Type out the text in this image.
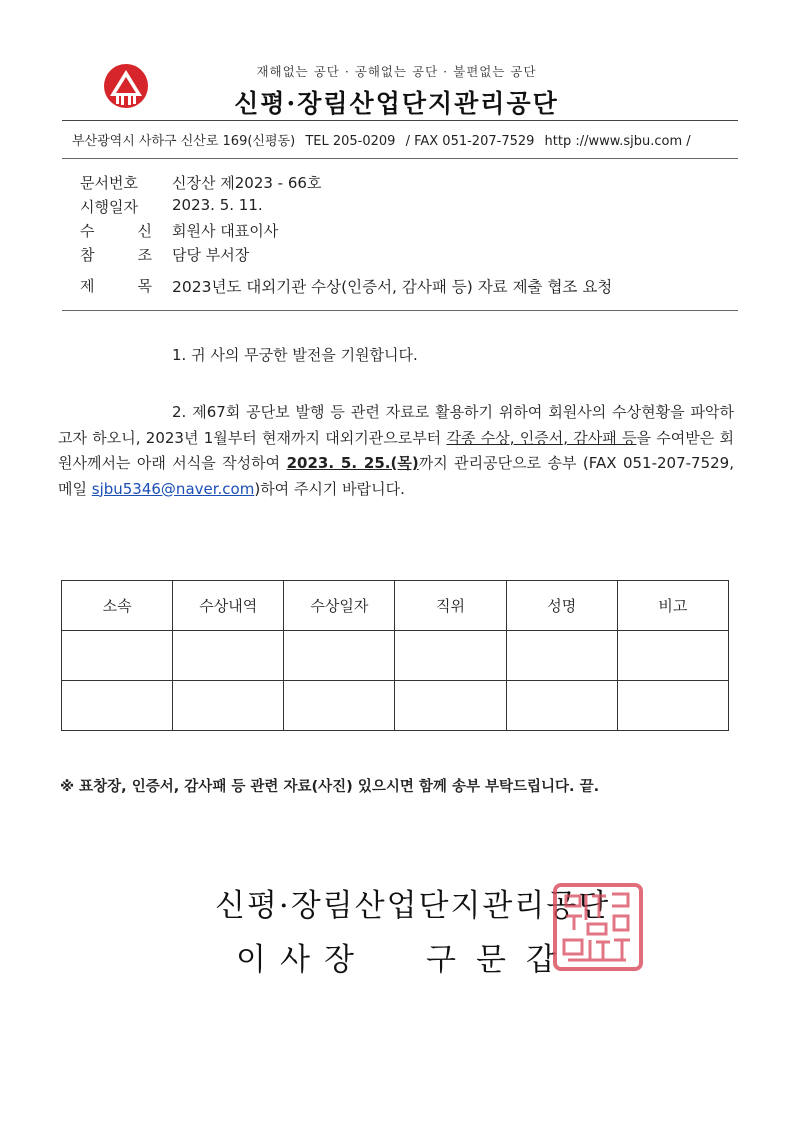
재해없는 공단 · 공해없는 공단 · 불편없는 공단
신평·장림산업단지관리공단
부산광역시 사하구 신산로 169(신평동) TEL 205-0209 / FAX 051-207-7529 http ://www.sjbu.com /
문서번호	신장산 제2023 - 66호
시행일자	2023. 5. 11.
수	신 회원사 대표이사
참	조 담당 부서장
제	목 2023년도 대외기관 수상(인증서, 감사패 등) 자료 제출 협조 요청
1. 귀 사의 무궁한 발전을 기원합니다.
2. 제67회 공단보 발행 등 관련 자료로 활용하기 위하여 회원사의 수상현황을 파악하고자 하오니, 2023년 1월부터 현재까지 대외기관으로부터 각종 수상, 인증서, 감사패 등을 수여받은 회원사께서는 아래 서식을 작성하여 2023. 5. 25.(목)까지 관리공단으로 송부 (FAX 051-207-7529, 메일 sjbu5346@naver.com)하여 주시기 바랍니다.
소속	수상내역	수상일자	직위	성명	비고

※ 표창장, 인증서, 감사패 등 관련 자료(사진) 있으시면 함께 송부 부탁드립니다. 끝.
신평·장림산업단지관리공단
이 사 장 구 문 갑
